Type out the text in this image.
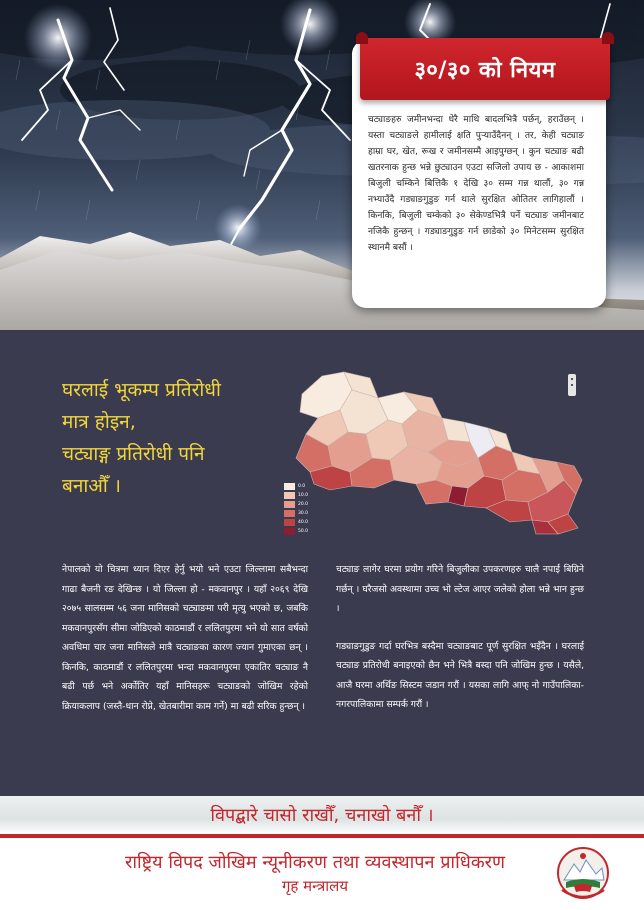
३०/३० को नियम

चट्याङहरु जमीनभन्दा धेरै माथि बादलभित्रै पर्छन्, हराउँछन् । यस्ता चट्याङले हामीलाई क्षति पुऱ्याउँदैनन् । तर, केही चट्याङ हाम्रा घर, खेत, रूख र जमीनसम्मै आइपुग्छन् । कुन चट्याङ बढी खतरनाक हुन्छ भन्ने छुट्याउन एउटा सजिलो उपाय छ - आकाशमा बिजुली चम्किने बित्तिकै १ देखि ३० सम्म गन्न थालौं, ३० गन्न नभ्याउँदै गड्याङगुडुङ गर्न थाले सुरक्षित ओतितर लागिहालौं । किनकि, बिजुली चम्केको ३० सेकेण्डभित्रै पर्ने चट्याङ जमीनबाट नजिकै हुन्छन् । गड्याङगुडुङ गर्न छाडेको ३० मिनेटसम्म सुरक्षित स्थानमै बसौं ।

घरलाई भूकम्प प्रतिरोधी
मात्र होइन,
चट्याङ्ग प्रतिरोधी पनि
बनाऔँ ।	0.0
10.0
20.0
30.0
40.0
50.0

नेपालको यो चित्रमा ध्यान दिएर हेर्नु भयो भने एउटा जिल्लामा सबैभन्दा गाढा बैजनी रङ देखिन्छ । यो जिल्ला हो - मकवानपुर । यहाँ २०६९ देखि २०७५ सालसम्म ५६ जना मानिसको चट्याङमा परी मृत्यु भएको छ, जबकि मकवानपुरसँग सीमा जोडिएको काठमाडौं र ललितपुरमा भने यो सात वर्षको अवधिमा चार जना मानिसले मात्रै चट्याङका कारण ज्यान गुमाएका छन् । किनकि, काठमाडौं र ललितपुरमा भन्दा मकवानपुरमा एकातिर चट्याङ नै बढी पर्छ भने अर्कोतिर यहाँ मानिसहरू चट्याङको जोखिम रहेको क्रियाकलाप (जस्तै-धान रोप्ने, खेतबारीमा काम गर्ने) मा बढी सरिक हुन्छन् ।

चट्याङ लागेर घरमा प्रयोग गरिने बिजुलीका उपकरणहरु चालै नपाई बिग्रिने गर्छन् । घरैजसो अवस्थामा उच्च भो ल्टेज आएर जलेको होला भन्ने भान हुन्छ ।

गड्याङगुडुङ गर्दा घरभित्र बस्दैमा चट्याङबाट पूर्ण सुरक्षित भइँदैन । घरलाई चट्याङ प्रतिरोधी बनाइएको छैन भने भित्रै बस्दा पनि जोखिम हुन्छ । यसैले, आजै घरमा अर्थिङ सिस्टम जडान गरौं । यसका लागि आफ् नो गाउँपालिका-नगरपालिकामा सम्पर्क गरौं ।

विपद्बारे चासो राखौँ, चनाखो बनौँ ।
राष्ट्रिय विपद जोखिम न्यूनीकरण तथा व्यवस्थापन प्राधिकरण
गृह मन्त्रालय
